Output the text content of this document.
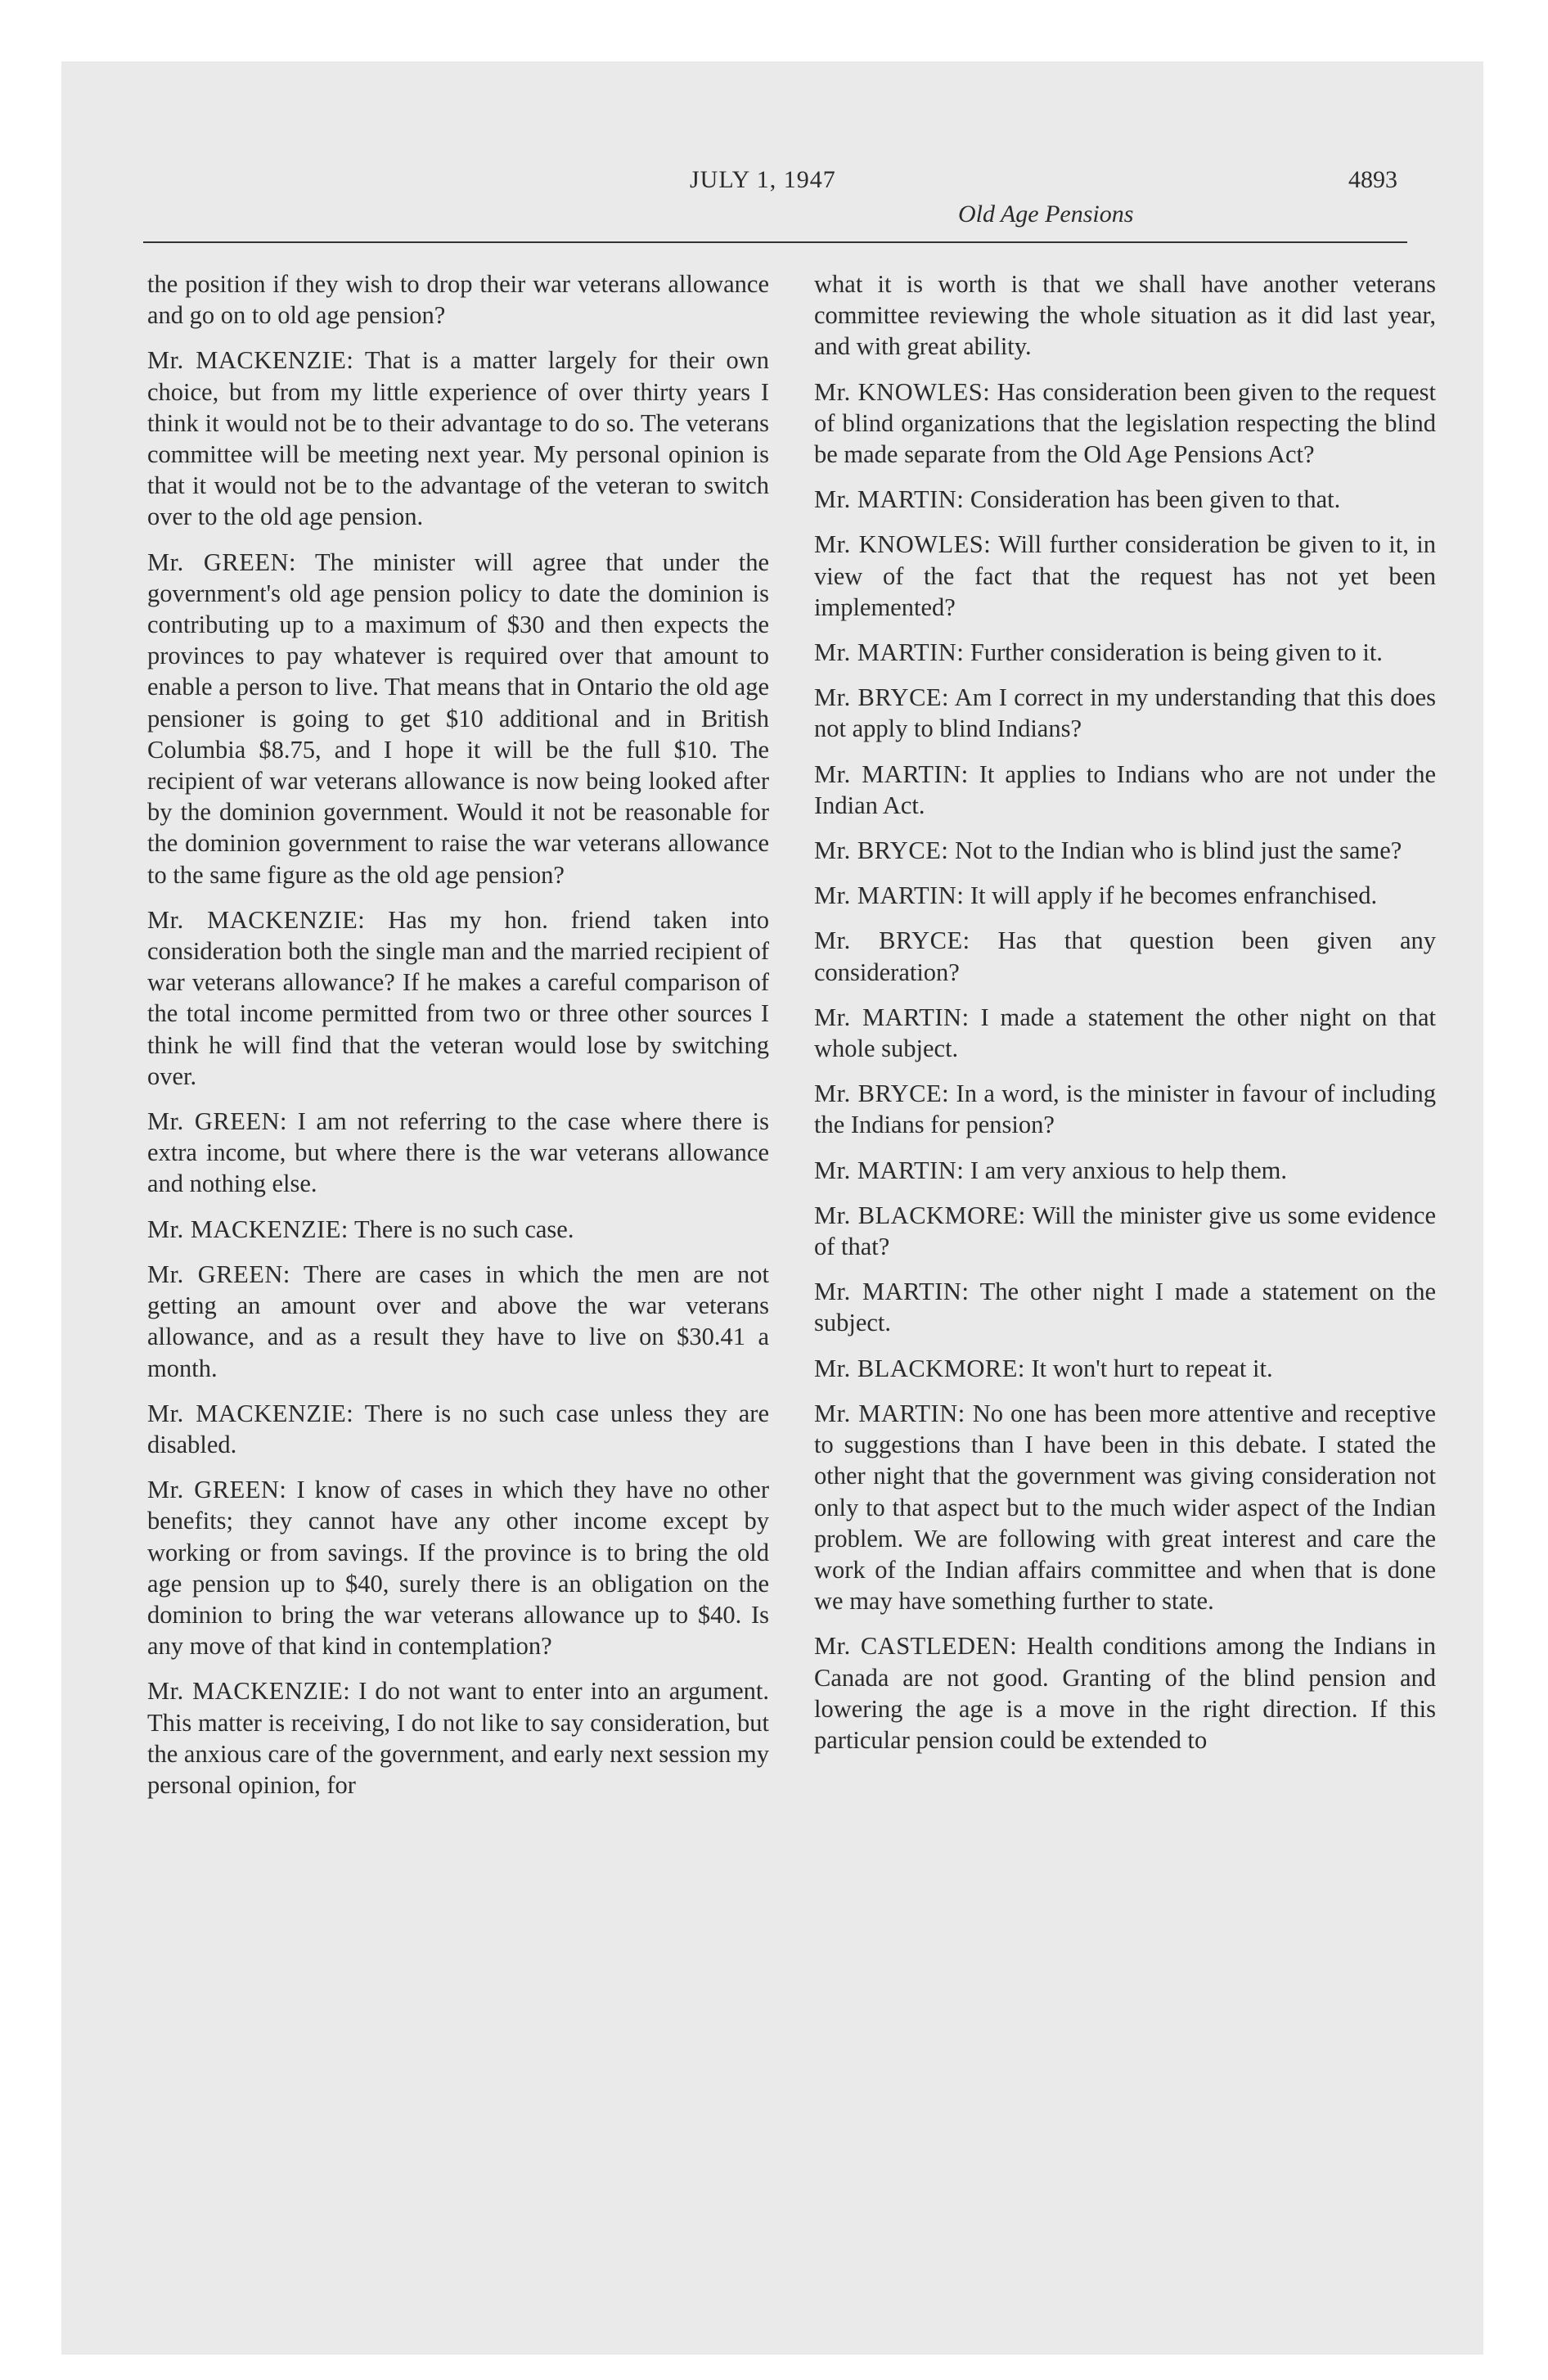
JULY 1, 1947
Old Age Pensions
4893

the position if they wish to drop their war veterans allowance and go on to old age pension?

Mr. MACKENZIE: That is a matter largely for their own choice, but from my little experience of over thirty years I think it would not be to their advantage to do so. The veterans committee will be meeting next year. My personal opinion is that it would not be to the advantage of the veteran to switch over to the old age pension.

Mr. GREEN: The minister will agree that under the government's old age pension policy to date the dominion is contributing up to a maximum of $30 and then expects the provinces to pay whatever is required over that amount to enable a person to live. That means that in Ontario the old age pensioner is going to get $10 additional and in British Columbia $8.75, and I hope it will be the full $10. The recipient of war veterans allowance is now being looked after by the dominion government. Would it not be reasonable for the dominion government to raise the war veterans allowance to the same figure as the old age pension?

Mr. MACKENZIE: Has my hon. friend taken into consideration both the single man and the married recipient of war veterans allowance? If he makes a careful comparison of the total income permitted from two or three other sources I think he will find that the veteran would lose by switching over.

Mr. GREEN: I am not referring to the case where there is extra income, but where there is the war veterans allowance and nothing else.

Mr. MACKENZIE: There is no such case.

Mr. GREEN: There are cases in which the men are not getting an amount over and above the war veterans allowance, and as a result they have to live on $30.41 a month.

Mr. MACKENZIE: There is no such case unless they are disabled.

Mr. GREEN: I know of cases in which they have no other benefits; they cannot have any other income except by working or from savings. If the province is to bring the old age pension up to $40, surely there is an obligation on the dominion to bring the war veterans allowance up to $40. Is any move of that kind in contemplation?

Mr. MACKENZIE: I do not want to enter into an argument. This matter is receiving, I do not like to say consideration, but the anxious care of the government, and early next session my personal opinion, for

what it is worth is that we shall have another veterans committee reviewing the whole situation as it did last year, and with great ability.

Mr. KNOWLES: Has consideration been given to the request of blind organizations that the legislation respecting the blind be made separate from the Old Age Pensions Act?

Mr. MARTIN: Consideration has been given to that.

Mr. KNOWLES: Will further consideration be given to it, in view of the fact that the request has not yet been implemented?

Mr. MARTIN: Further consideration is being given to it.

Mr. BRYCE: Am I correct in my understanding that this does not apply to blind Indians?

Mr. MARTIN: It applies to Indians who are not under the Indian Act.

Mr. BRYCE: Not to the Indian who is blind just the same?

Mr. MARTIN: It will apply if he becomes enfranchised.

Mr. BRYCE: Has that question been given any consideration?

Mr. MARTIN: I made a statement the other night on that whole subject.

Mr. BRYCE: In a word, is the minister in favour of including the Indians for pension?

Mr. MARTIN: I am very anxious to help them.

Mr. BLACKMORE: Will the minister give us some evidence of that?

Mr. MARTIN: The other night I made a statement on the subject.

Mr. BLACKMORE: It won't hurt to repeat it.

Mr. MARTIN: No one has been more attentive and receptive to suggestions than I have been in this debate. I stated the other night that the government was giving consideration not only to that aspect but to the much wider aspect of the Indian problem. We are following with great interest and care the work of the Indian affairs committee and when that is done we may have something further to state.

Mr. CASTLEDEN: Health conditions among the Indians in Canada are not good. Granting of the blind pension and lowering the age is a move in the right direction. If this particular pension could be extended to
